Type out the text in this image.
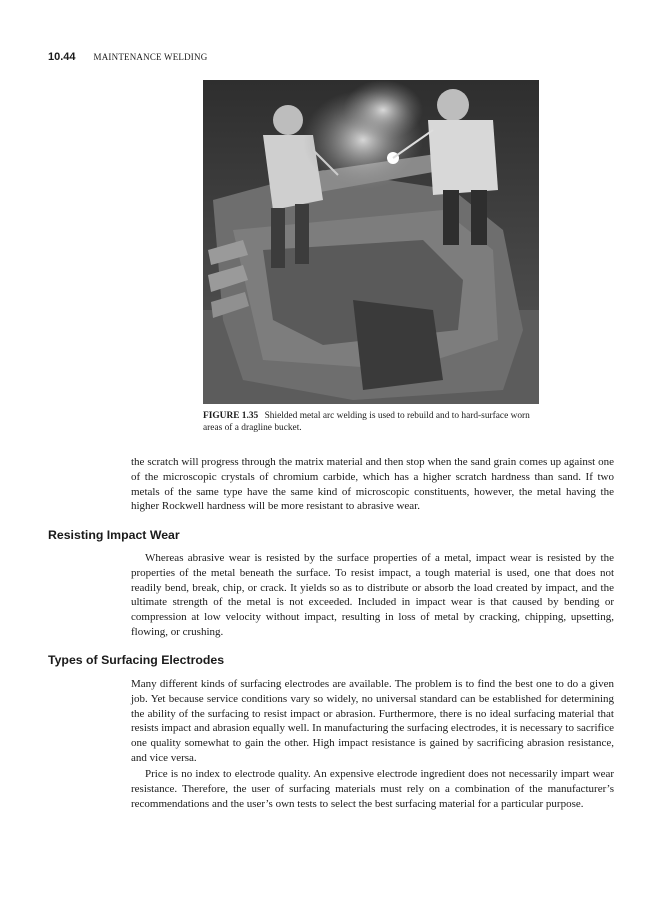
10.44 MAINTENANCE WELDING
FIGURE 1.35 Shielded metal arc welding is used to rebuild and to hard-surface worn areas of a dragline bucket.

the scratch will progress through the matrix material and then stop when the sand grain comes up against one of the microscopic crystals of chromium carbide, which has a higher scratch hardness than sand. If two metals of the same type have the same kind of microscopic constituents, however, the metal having the higher Rockwell hardness will be more resistant to abrasive wear.

Resisting Impact Wear

Whereas abrasive wear is resisted by the surface properties of a metal, impact wear is resisted by the properties of the metal beneath the surface. To resist impact, a tough material is used, one that does not readily bend, break, chip, or crack. It yields so as to distribute or absorb the load created by impact, and the ultimate strength of the metal is not exceeded. Included in impact wear is that caused by bending or compression at low velocity without impact, resulting in loss of metal by cracking, chipping, upsetting, flowing, or crushing.

Types of Surfacing Electrodes

Many different kinds of surfacing electrodes are available. The problem is to find the best one to do a given job. Yet because service conditions vary so widely, no universal standard can be established for determining the ability of the surfacing to resist impact or abrasion. Furthermore, there is no ideal surfacing material that resists impact and abrasion equally well. In manufacturing the surfacing electrodes, it is necessary to sacrifice one quality somewhat to gain the other. High impact resistance is gained by sacrificing abrasion resistance, and vice versa.

Price is no index to electrode quality. An expensive electrode ingredient does not necessarily impart wear resistance. Therefore, the user of surfacing materials must rely on a combination of the manufacturer’s recommendations and the user’s own tests to select the best surfacing material for a particular purpose.
